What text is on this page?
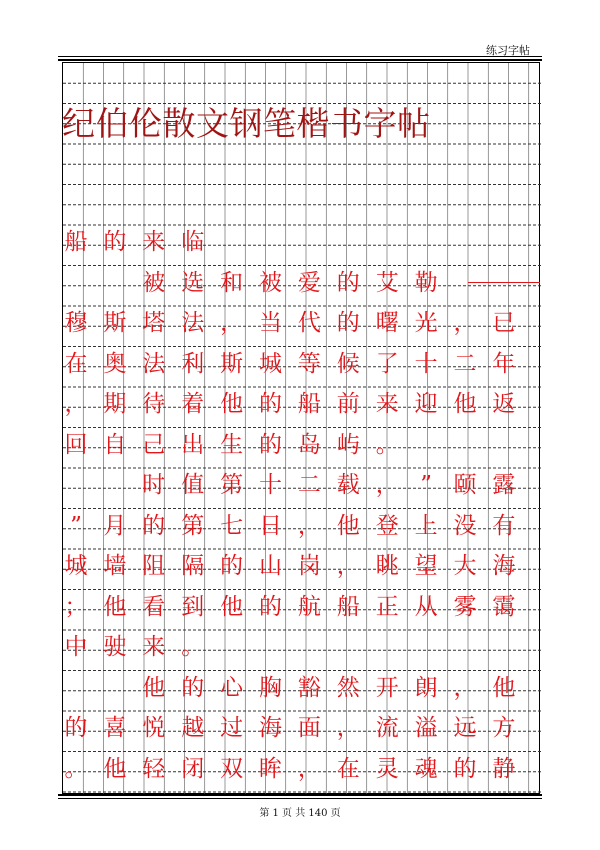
练习字帖
纪伯伦散文钢笔楷书字帖
船 的 来 临
被 选 和 被 爱 的 艾 勒
穆 斯 塔 法 ， 当 代 的 曙 光 ， 已
在 奥 法 利 斯 城 等 候 了 十 二 年
， 期 待 着 他 的 船 前 来 迎 他 返
回 自 己 出 生 的 岛 屿 。
时 值 第 十 二 载 ， ” 颐 露
” 月 的 第 七 日 ， 他 登 上 没 有
城 墙 阻 隔 的 山 岗 ， 眺 望 大 海
； 他 看 到 他 的 航 船 正 从 雾 霭
中 驶 来 。
他 的 心 胸 豁 然 开 朗 ， 他
的 喜 悦 越 过 海 面 ， 流 溢 远 方
。 他 轻 闭 双 眸 ， 在 灵 魂 的 静
第 1 页 共 140 页
